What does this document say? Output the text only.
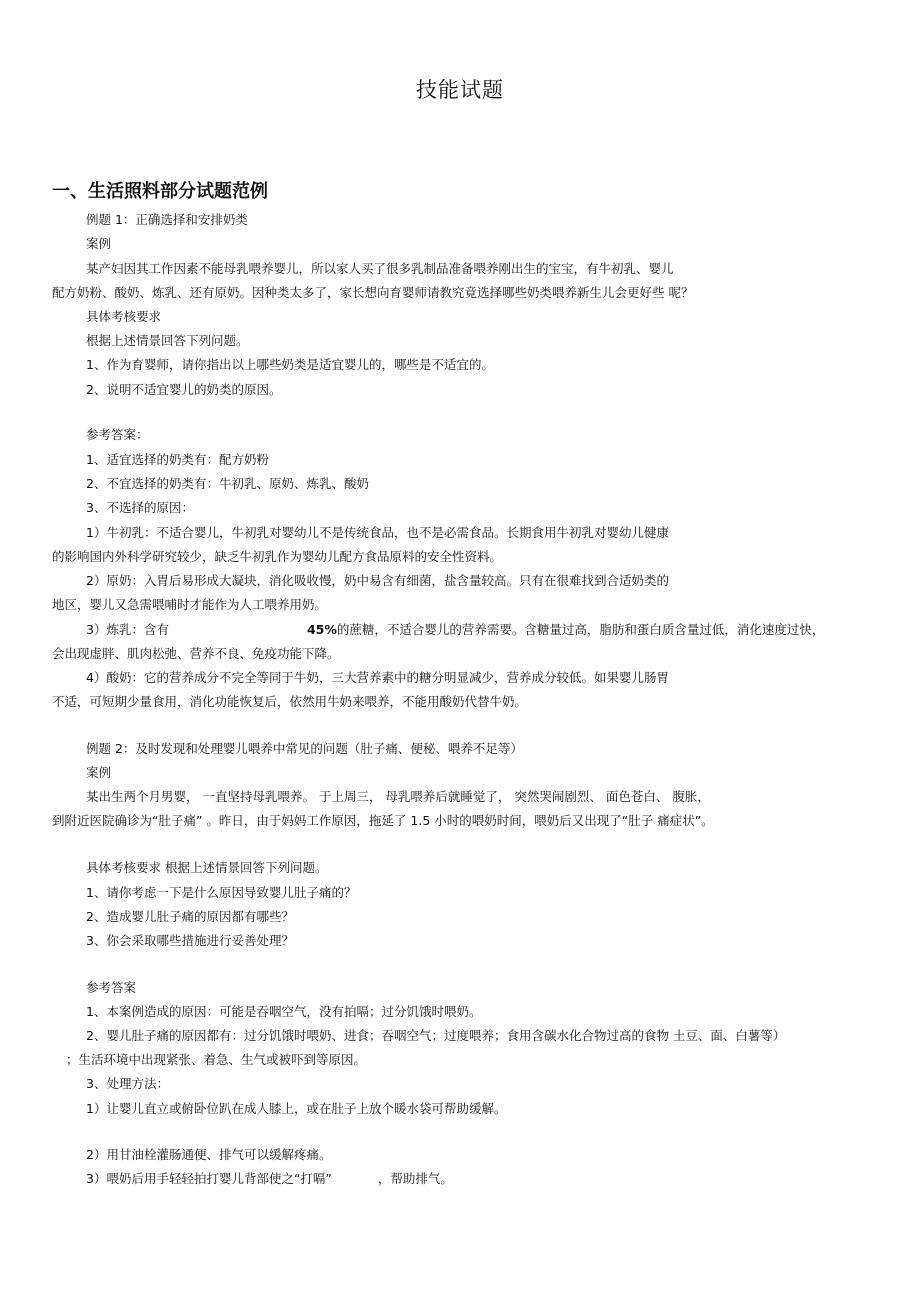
技能试题
一、生活照料部分试题范例
例题 1：正确选择和安排奶类
案例
某产妇因其工作因素不能母乳喂养婴儿，所以家人买了很多乳制品准备喂养刚出生的宝宝，有牛初乳、婴儿
配方奶粉、酸奶、炼乳、还有原奶。因种类太多了，家长想向育婴师请教究竟选择哪些奶类喂养新生儿会更好些 呢？
具体考核要求
根据上述情景回答下列问题。
1、作为育婴师，请你指出以上哪些奶类是适宜婴儿的，哪些是不适宜的。
2、说明不适宜婴儿的奶类的原因。
参考答案：
1、适宜选择的奶类有：配方奶粉
2、不宜选择的奶类有：牛初乳、原奶、炼乳、酸奶
3、不选择的原因：
1）牛初乳：不适合婴儿，牛初乳对婴幼儿不是传统食品，也不是必需食品。长期食用牛初乳对婴幼儿健康
的影响国内外科学研究较少，缺乏牛初乳作为婴幼儿配方食品原料的安全性资料。
2）原奶：入胃后易形成大凝块，消化吸收慢，奶中易含有细菌，盐含量较高。只有在很难找到合适奶类的
地区，婴儿又急需喂哺时才能作为人工喂养用奶。
3）炼乳：含有	45%的蔗糖，不适合婴儿的营养需要。含糖量过高，脂肪和蛋白质含量过低，消化速度过快，
会出现虚胖、肌肉松弛、营养不良、免疫功能下降。
4）酸奶：它的营养成分不完全等同于牛奶，三大营养素中的糖分明显减少，营养成分较低。如果婴儿肠胃
不适，可短期少量食用，消化功能恢复后，依然用牛奶来喂养，不能用酸奶代替牛奶。
例题 2：及时发现和处理婴儿喂养中常见的问题（肚子痛、便秘、喂养不足等）
案例
某出生两个月男婴， 一直坚持母乳喂养。 于上周三， 母乳喂养后就睡觉了， 突然哭闹剧烈、 面色苍白、 腹胀，
到附近医院确诊为“肚子痛” 。昨日，由于妈妈工作原因，拖延了 1.5 小时的喂奶时间，喂奶后又出现了“肚子 痛症状”。
具体考核要求 根据上述情景回答下列问题。
1、请你考虑一下是什么原因导致婴儿肚子痛的？
2、造成婴儿肚子痛的原因都有哪些？
3、你会采取哪些措施进行妥善处理？
参考答案
1、本案例造成的原因：可能是吞咽空气，没有拍嗝；过分饥饿时喂奶。
2、婴儿肚子痛的原因都有：过分饥饿时喂奶、进食；吞咽空气；过度喂养；食用含碳水化合物过高的食物 土豆、面、白薯等）
；生活环境中出现紧张、着急、生气或被吓到等原因。
3、处理方法：
1）让婴儿直立或俯卧位趴在成人膝上，或在肚子上放个暖水袋可帮助缓解。
2）用甘油栓灌肠通便、排气可以缓解疼痛。
3）喂奶后用手轻轻拍打婴儿背部使之“打嗝”	，帮助排气。
